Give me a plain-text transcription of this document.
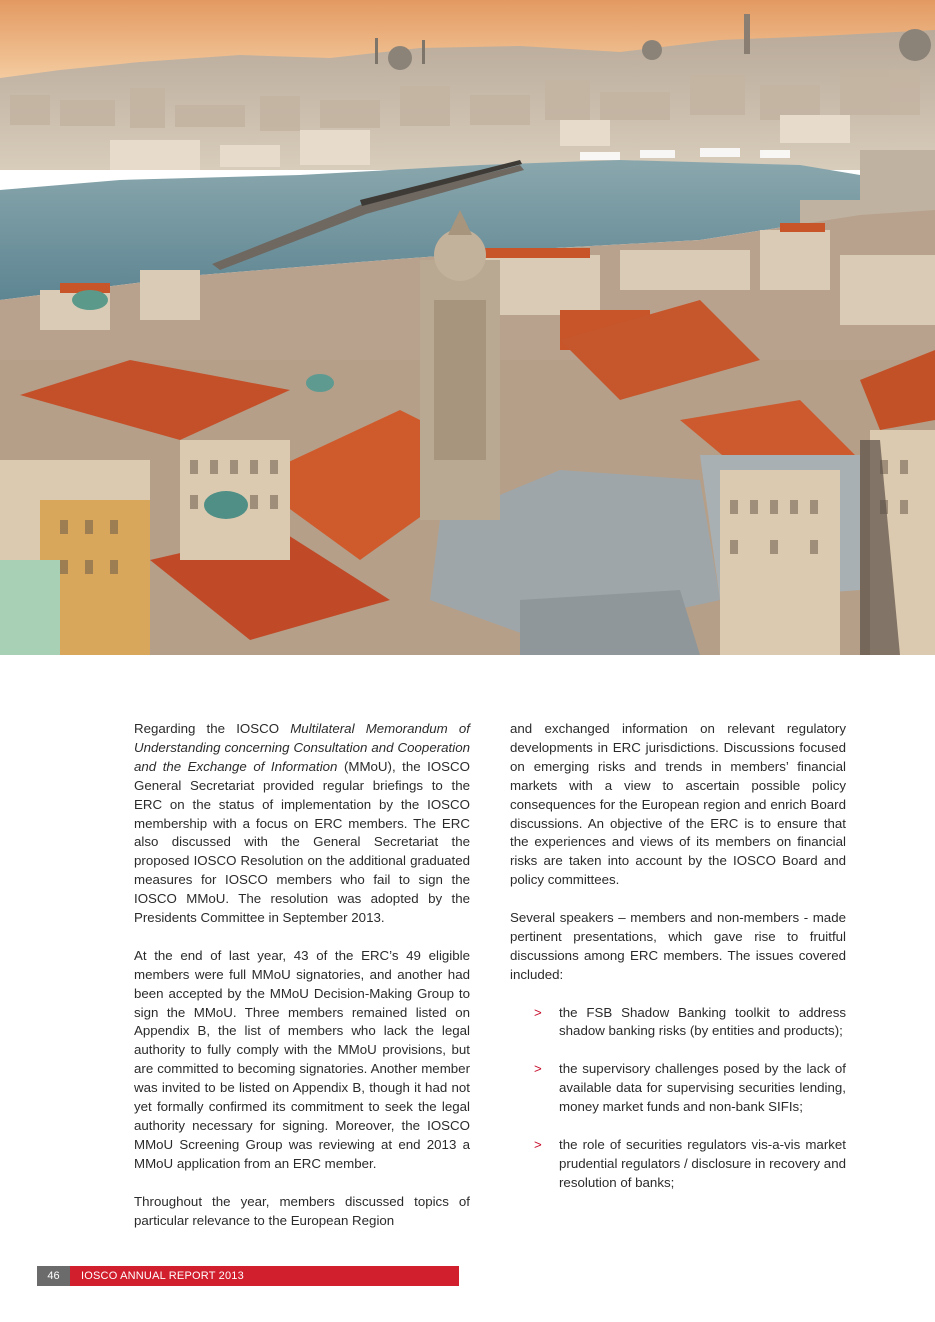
Regarding the IOSCO Multilateral Memorandum of Understanding concerning Consultation and Cooperation and the Exchange of Information (MMoU), the IOSCO General Secretariat provided regular briefings to the ERC on the status of implementation by the IOSCO membership with a focus on ERC members. The ERC also discussed with the General Secretariat the proposed IOSCO Resolution on the additional graduated measures for IOSCO members who fail to sign the IOSCO MMoU. The resolution was adopted by the Presidents Committee in September 2013.

At the end of last year, 43 of the ERC’s 49 eligible members were full MMoU signatories, and another had been accepted by the MMoU Decision-Making Group to sign the MMoU. Three members remained listed on Appendix B, the list of members who lack the legal authority to fully comply with the MMoU provisions, but are committed to becoming signatories. Another member was invited to be listed on Appendix B, though it had not yet formally confirmed its commitment to seek the legal authority necessary for signing. Moreover, the IOSCO MMoU Screening Group was reviewing at end 2013 a MMoU application from an ERC member.

Throughout the year, members discussed topics of particular relevance to the European Region

and exchanged information on relevant regulatory developments in ERC jurisdictions. Discussions focused on emerging risks and trends in members’ financial markets with a view to ascertain possible policy consequences for the European region and enrich Board discussions. An objective of the ERC is to ensure that the experiences and views of its members on financial risks are taken into account by the IOSCO Board and policy committees.

Several speakers – members and non-members - made pertinent presentations, which gave rise to fruitful discussions among ERC members. The issues covered included:

> the FSB Shadow Banking toolkit to address shadow banking risks (by entities and products);
> the supervisory challenges posed by the lack of available data for supervising securities lending, money market funds and non-bank SIFIs;
> the role of securities regulators vis-a-vis market prudential regulators / disclosure in recovery and resolution of banks;
46	IOSCO ANNUAL REPORT 2013
